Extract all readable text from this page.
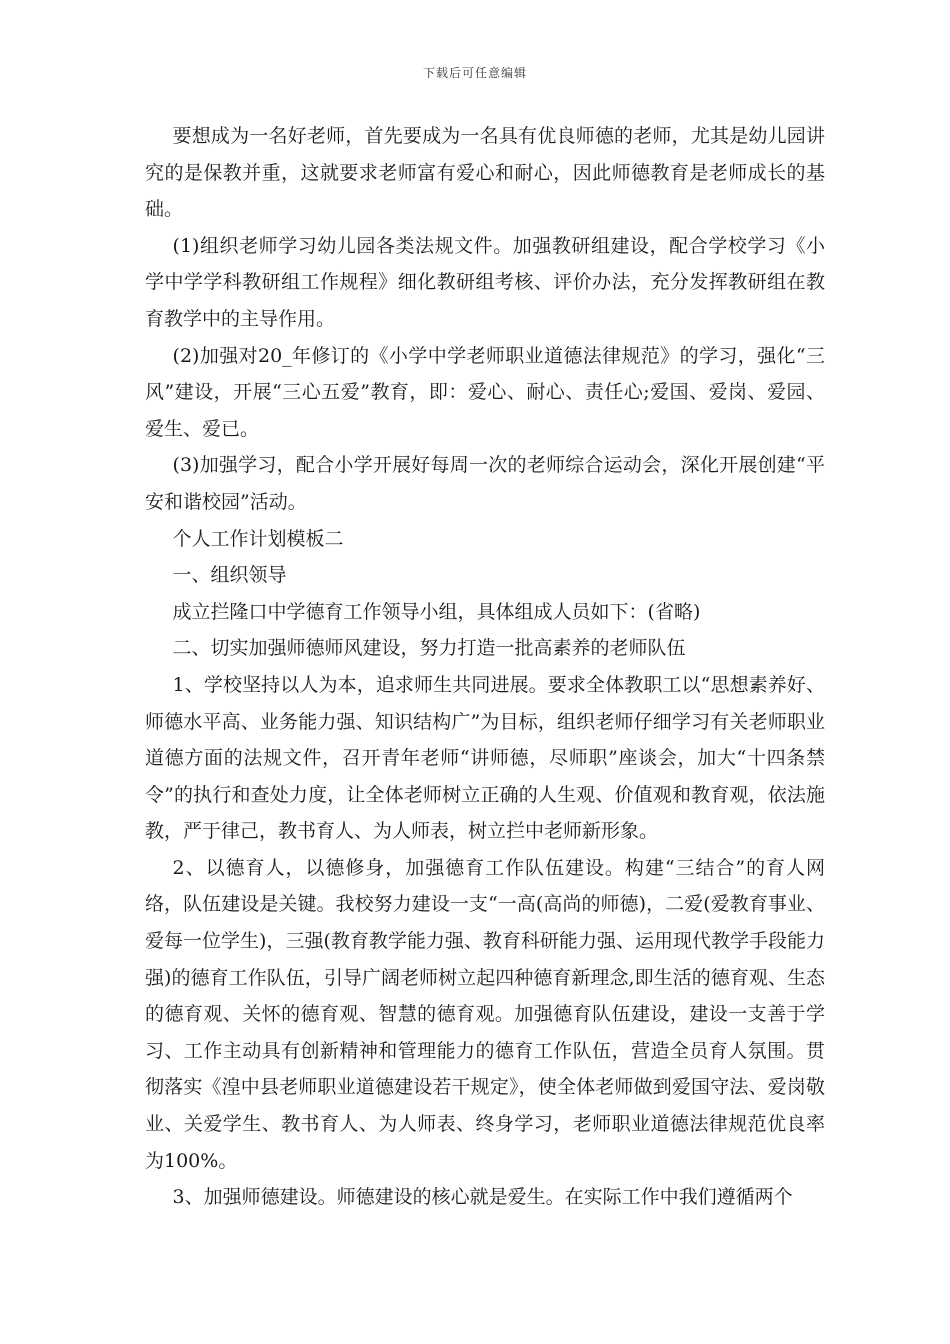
下载后可任意编辑

要想成为一名好老师，首先要成为一名具有优良师德的老师，尤其是幼儿园讲究的是保教并重，这就要求老师富有爱心和耐心，因此师德教育是老师成长的基础。

(1)组织老师学习幼儿园各类法规文件。加强教研组建设，配合学校学习《小学中学学科教研组工作规程》细化教研组考核、评价办法，充分发挥教研组在教育教学中的主导作用。

(2)加强对20_年修订的《小学中学老师职业道德法律规范》的学习，强化“三风”建设，开展“三心五爱”教育，即：爱心、耐心、责任心;爱国、爱岗、爱园、爱生、爱已。

(3)加强学习，配合小学开展好每周一次的老师综合运动会，深化开展创建“平安和谐校园”活动。

个人工作计划模板二

一、组织领导

成立拦隆口中学德育工作领导小组，具体组成人员如下：(省略)

二、切实加强师德师风建设，努力打造一批高素养的老师队伍

1、学校坚持以人为本，追求师生共同进展。要求全体教职工以“思想素养好、师德水平高、业务能力强、知识结构广”为目标，组织老师仔细学习有关老师职业道德方面的法规文件，召开青年老师“讲师德，尽师职”座谈会，加大“十四条禁令”的执行和查处力度，让全体老师树立正确的人生观、价值观和教育观，依法施教，严于律己，教书育人、为人师表，树立拦中老师新形象。

2、以德育人，以德修身，加强德育工作队伍建设。构建“三结合”的育人网络，队伍建设是关键。我校努力建设一支“一高(高尚的师德)，二爱(爱教育事业、爱每一位学生)，三强(教育教学能力强、教育科研能力强、运用现代教学手段能力强)的德育工作队伍，引导广阔老师树立起四种德育新理念,即生活的德育观、生态的德育观、关怀的德育观、智慧的德育观。加强德育队伍建设，建设一支善于学习、工作主动具有创新精神和管理能力的德育工作队伍，营造全员育人氛围。贯彻落实《湟中县老师职业道德建设若干规定》，使全体老师做到爱国守法、爱岗敬业、关爱学生、教书育人、为人师表、终身学习，老师职业道德法律规范优良率为100%。

3、加强师德建设。师德建设的核心就是爱生。在实际工作中我们遵循两个
